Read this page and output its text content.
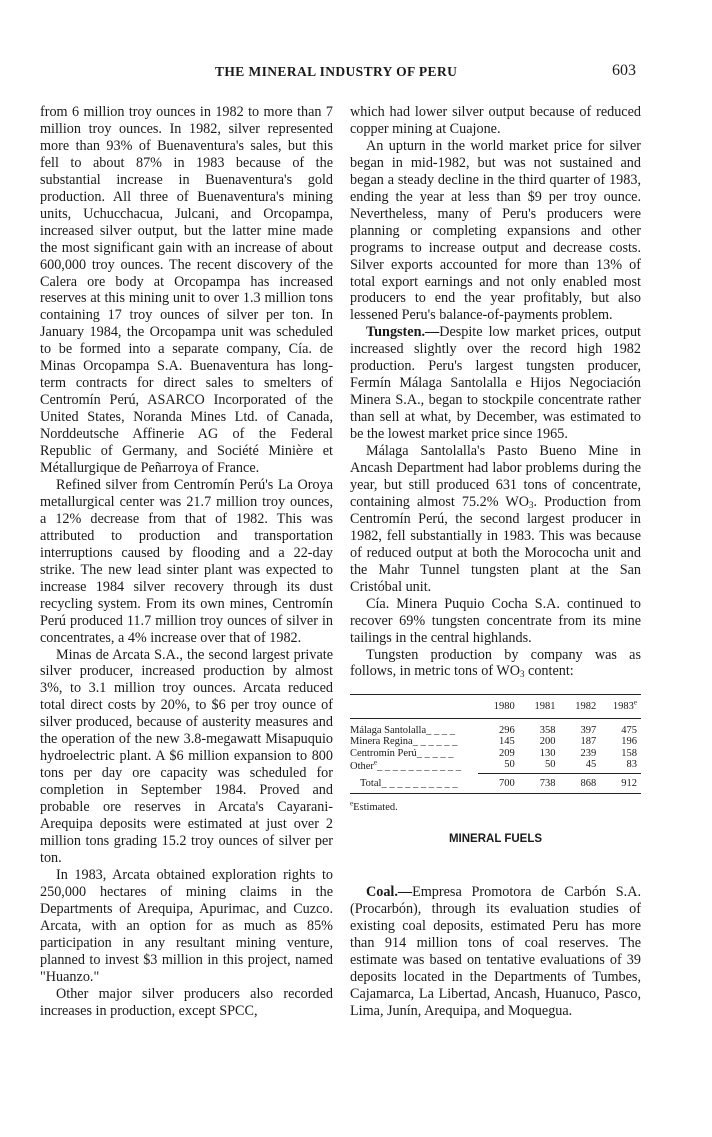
THE MINERAL INDUSTRY OF PERU	603

from 6 million troy ounces in 1982 to more than 7 million troy ounces. In 1982, silver represented more than 93% of Buenaventura's sales, but this fell to about 87% in 1983 because of the substantial increase in Buenaventura's gold production. All three of Buenaventura's mining units, Uchucchacua, Julcani, and Orcopampa, increased silver output, but the latter mine made the most significant gain with an increase of about 600,000 troy ounces. The recent discovery of the Calera ore body at Orcopampa has increased reserves at this mining unit to over 1.3 million tons containing 17 troy ounces of silver per ton. In January 1984, the Orcopampa unit was scheduled to be formed into a separate company, Cía. de Minas Orcopampa S.A. Buenaventura has long-term contracts for direct sales to smelters of Centromín Perú, ASARCO Incorporated of the United States, Noranda Mines Ltd. of Canada, Norddeutsche Affinerie AG of the Federal Republic of Germany, and Société Minière et Métallurgique de Peñarroya of France.

Refined silver from Centromín Perú's La Oroya metallurgical center was 21.7 million troy ounces, a 12% decrease from that of 1982. This was attributed to production and transportation interruptions caused by flooding and a 22-day strike. The new lead sinter plant was expected to increase 1984 silver recovery through its dust recycling system. From its own mines, Centromín Perú produced 11.7 million troy ounces of silver in concentrates, a 4% increase over that of 1982.

Minas de Arcata S.A., the second largest private silver producer, increased production by almost 3%, to 3.1 million troy ounces. Arcata reduced total direct costs by 20%, to $6 per troy ounce of silver produced, because of austerity measures and the operation of the new 3.8-megawatt Misapuquio hydroelectric plant. A $6 million expansion to 800 tons per day ore capacity was scheduled for completion in September 1984. Proved and probable ore reserves in Arcata's Cayarani-Arequipa deposits were estimated at just over 2 million tons grading 15.2 troy ounces of silver per ton.

In 1983, Arcata obtained exploration rights to 250,000 hectares of mining claims in the Departments of Arequipa, Apurimac, and Cuzco. Arcata, with an option for as much as 85% participation in any resultant mining venture, planned to invest $3 million in this project, named "Huanzo."

Other major silver producers also recorded increases in production, except SPCC,

which had lower silver output because of reduced copper mining at Cuajone.

An upturn in the world market price for silver began in mid-1982, but was not sustained and began a steady decline in the third quarter of 1983, ending the year at less than $9 per troy ounce. Nevertheless, many of Peru's producers were planning or completing expansions and other programs to increase output and decrease costs. Silver exports accounted for more than 13% of total export earnings and not only enabled most producers to end the year profitably, but also lessened Peru's balance-of-payments problem.

Tungsten.—Despite low market prices, output increased slightly over the record high 1982 production. Peru's largest tungsten producer, Fermín Málaga Santolalla e Hijos Negociación Minera S.A., began to stockpile concentrate rather than sell at what, by December, was estimated to be the lowest market price since 1965.

Málaga Santolalla's Pasto Bueno Mine in Ancash Department had labor problems during the year, but still produced 631 tons of concentrate, containing almost 75.2% $WO_3$. Production from Centromín Perú, the second largest producer in 1982, fell substantially in 1983. This was because of reduced output at both the Morococha unit and the Mahr Tunnel tungsten plant at the San Cristóbal unit.

Cía. Minera Puquio Cocha S.A. continued to recover 69% tungsten concentrate from its mine tailings in the central highlands.

Tungsten production by company was as follows, in metric tons of $WO_3$ content:

	1980	1981	1982	1983e
Málaga Santolalla_ _ _ _	296	358	397	475
Minera Regina_ _ _ _ _ _	145	200	187	196
Centromín Perú_ _ _ _ _	209	130	239	158
Other$^e$_ _ _ _ _ _ _ _ _ _ _	50	50	45	83
Total_ _ _ _ _ _ _ _ _ _	700	738	868	912
$^e$Estimated.
MINERAL FUELS

Coal.—Empresa Promotora de Carbón S.A. (Procarbón), through its evaluation studies of existing coal deposits, estimated Peru has more than 914 million tons of coal reserves. The estimate was based on tentative evaluations of 39 deposits located in the Departments of Tumbes, Cajamarca, La Libertad, Ancash, Huanuco, Pasco, Lima, Junín, Arequipa, and Moquegua.
